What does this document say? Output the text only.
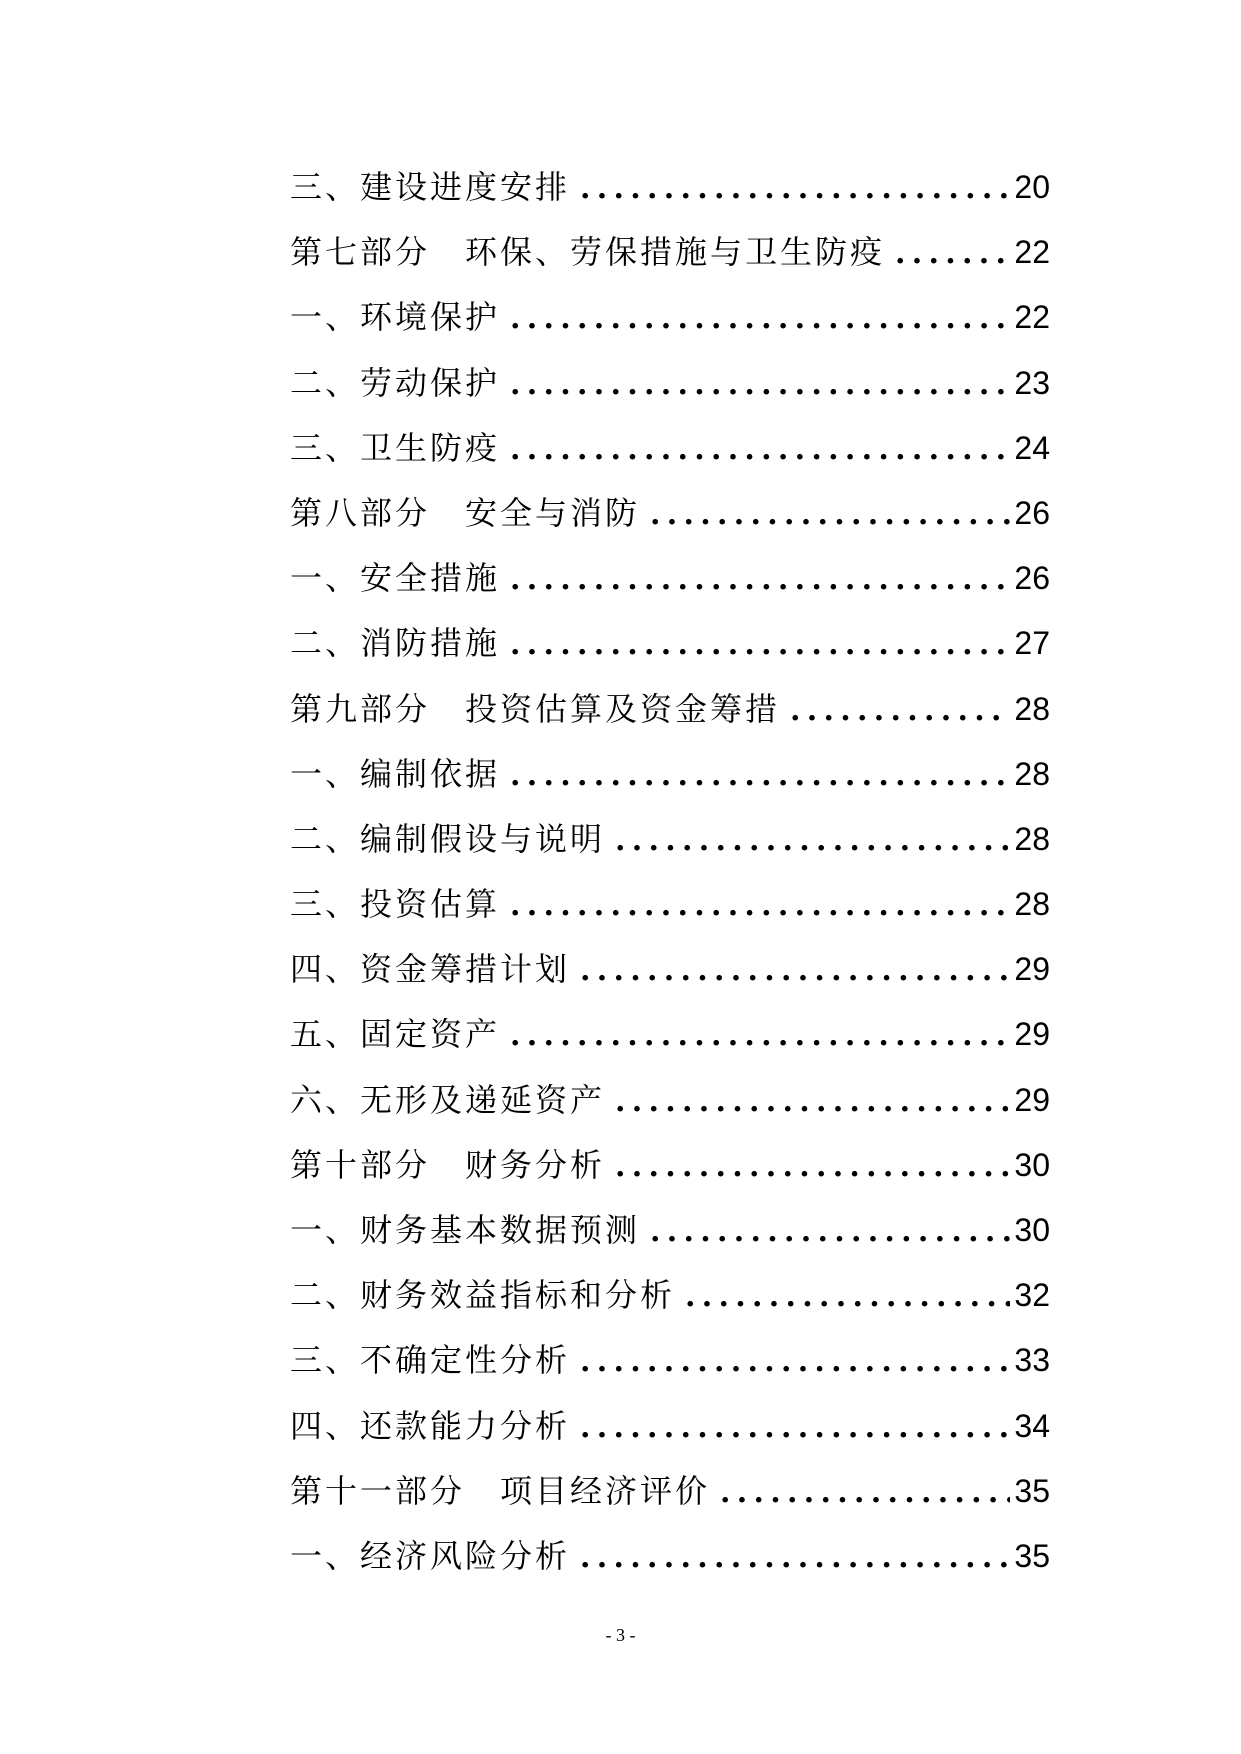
三、建设进度安排 .....	20
第七部分　环保、劳保措施与卫生防疫 .....	22
一、环境保护 .....	22
二、劳动保护 .....	23
三、卫生防疫 .....	24
第八部分　安全与消防 .....	26
一、安全措施 .....	26
二、消防措施 .....	27
第九部分　投资估算及资金筹措 .....	28
一、编制依据 .....	28
二、编制假设与说明 .....	28
三、投资估算 .....	28
四、资金筹措计划 .....	29
五、固定资产 .....	29
六、无形及递延资产 .....	29
第十部分　财务分析 .....	30
一、财务基本数据预测 .....	30
二、财务效益指标和分析 .....	32
三、不确定性分析 .....	33
四、还款能力分析 .....	34
第十一部分　项目经济评价 .....	35
一、经济风险分析 .....	35
- 3 -
